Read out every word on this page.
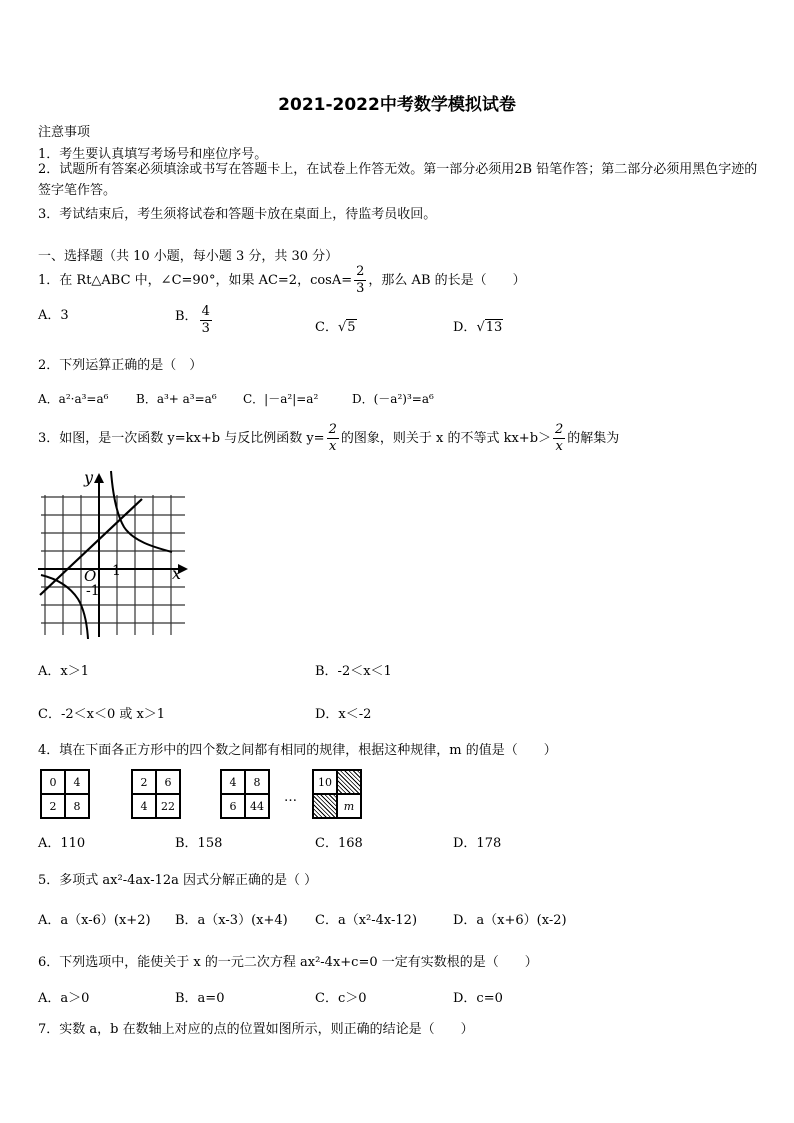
2021-2022中考数学模拟试卷
注意事项
1．考生要认真填写考场号和座位序号。
2．试题所有答案必须填涂或书写在答题卡上，在试卷上作答无效。第一部分必须用2B 铅笔作答；第二部分必须用黑色字迹的签字笔作答。
3．考试结束后，考生须将试卷和答题卡放在桌面上，待监考员收回。
一、选择题（共 10 小题，每小题 3 分，共 30 分）
1．在 Rt△ABC 中，∠C=90°，如果 AC=2，$\cos A= \frac{2}{3}$ ，那么 AB 的长是（　　）
A．3	B． $\frac{4}{3}$	C．√5	D．√13
2．下列运算正确的是（　）
A．a²·a³=a⁶ B．a³+ a³=a⁶ C．|－a²|=a²	D．(－a²)³=a⁶
3．如图，是一次函数 y=kx+b 与反比例函数 $y= \frac{2}{x}$ 的图象，则关于 x 的不等式 $kx+b> \frac{2}{x}$ 的解集为
y
x
O 1
-1
A．x＞1	B．-2＜x＜1
C．-2＜x＜0 或 x＞1	D．x＜-2
4．填在下面各正方形中的四个数之间都有相同的规律，根据这种规律，m 的值是（　　）
0	4
2	8
2	6
4	22
4	8
6	44
…
10
m
A．110	B．158	C．168	D．178
5．多项式 ax²-4ax-12a 因式分解正确的是（ ）
A．a（x-6）(x+2) B．a（x-3）(x+4) C．a（x²-4x-12)	D．a（x+6）(x-2)
6．下列选项中，能使关于 x 的一元二次方程 ax²-4x+c=0 一定有实数根的是（　　）
A．a＞0	B．a=0	C．c＞0	D．c=0
7．实数 a，b 在数轴上对应的点的位置如图所示，则正确的结论是（　　）
